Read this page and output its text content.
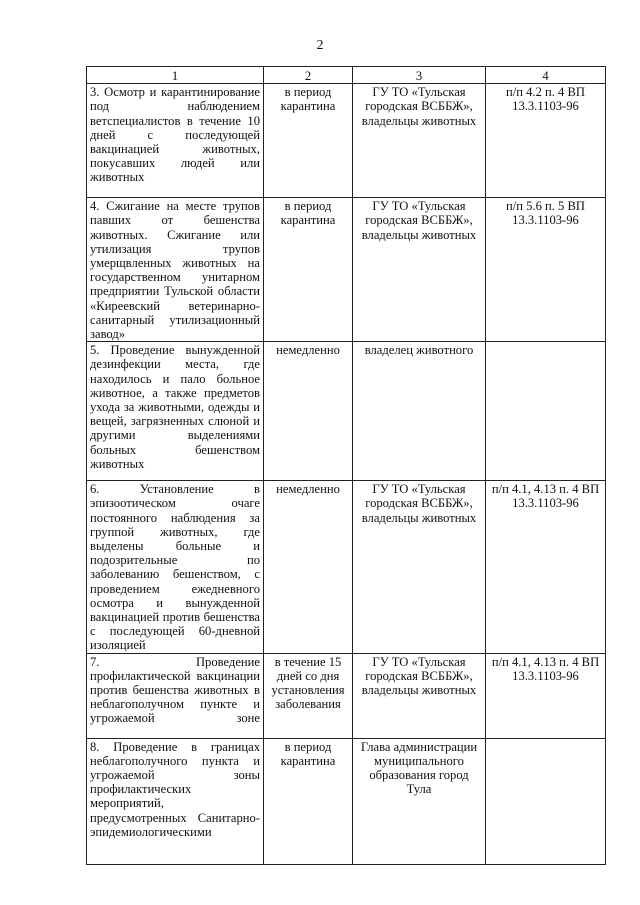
2
1	2	3	4
3. Осмотр и карантинирование под наблюдением ветспециалистов в течение 10 дней с последующей вакцинацией животных, покусавших людей или животных	в период карантина	ГУ ТО «Тульская городская ВСББЖ», владельцы животных	п/п 4.2 п. 4 ВП 13.3.1103-96
4. Сжигание на месте трупов павших от бешенства животных. Сжигание или утилизация трупов умерщвленных животных на государственном унитарном предприятии Тульской области «Киреевский ветеринарно-санитарный утилизационный завод»	в период карантина	ГУ ТО «Тульская городская ВСББЖ», владельцы животных	п/п 5.6 п. 5 ВП 13.3.1103-96
5. Проведение вынужденной дезинфекции места, где находилось и пало больное животное, а также предметов ухода за животными, одежды и вещей, загрязненных слюной и другими выделениями больных бешенством животных	немедленно	владелец животного	
6. Установление в эпизоотическом очаге постоянного наблюдения за группой животных, где выделены больные и подозрительные по заболеванию бешенством, с проведением ежедневного осмотра и вынужденной вакцинацией против бешенства с последующей 60-дневной изоляцией	немедленно	ГУ ТО «Тульская городская ВСББЖ», владельцы животных	п/п 4.1, 4.13 п. 4 ВП 13.3.1103-96
7. Проведение профилактической вакцинации против бешенства животных в неблагополучном пункте и угрожаемой зоне	в течение 15 дней со дня установления заболевания	ГУ ТО «Тульская городская ВСББЖ», владельцы животных	п/п 4.1, 4.13 п. 4 ВП 13.3.1103-96
8. Проведение в границах неблагополучного пункта и угрожаемой зоны профилактических мероприятий, предусмотренных Санитарно-эпидемиологическими	в период карантина	Глава администрации муниципального образования город Тула	
